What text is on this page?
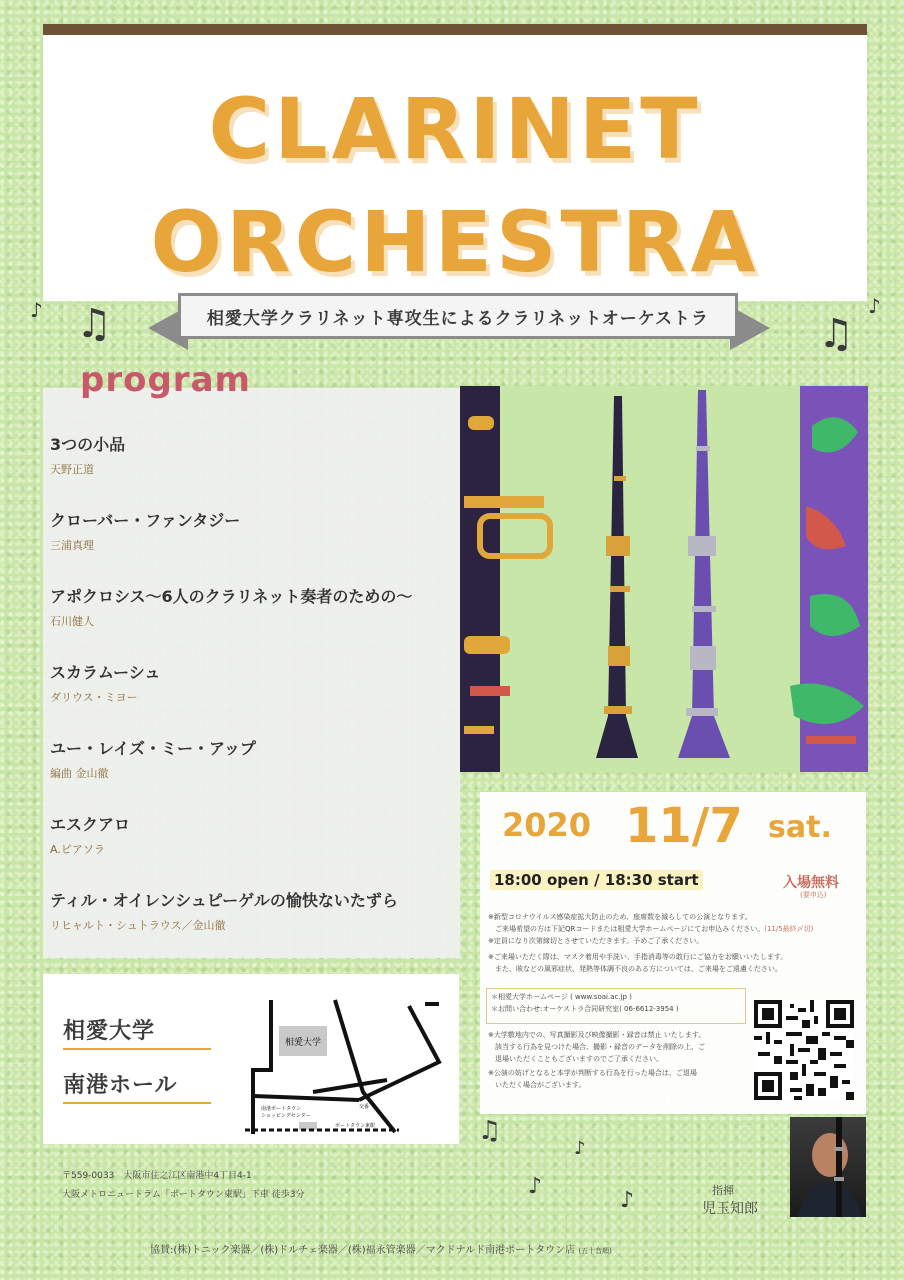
CLARINET
ORCHESTRA
相愛大学クラリネット専攻生によるクラリネットオーケストラ
♪ ♫	♫
♪
♫
♪
♪
♪
3つの小品
天野正道
クローバー・ファンタジー
三浦真理
アポクロシス〜6人のクラリネット奏者のための〜
石川健人
スカラムーシュ
ダリウス・ミヨー
ユー・レイズ・ミー・アップ
編曲 金山徹
エスクアロ
A.ピアソラ
ティル・オイレンシュピーゲルの愉快ないたずら
リヒャルト・シュトラウス／金山徹
program
2020 11/7 sat.
18:00 open / 18:30 start	入場無料
(要申込)
※新型コロナウイルス感染症拡大防止のため、座席数を減らしての公演となります。
　ご来場希望の方は下記QRコードまたは相愛大学ホームページにてお申込みください。(11/5最終〆切)
※定員になり次第締切とさせていただきます。予めご了承ください。
※ご来場いただく際は、マスク着用や手洗い、手指消毒等の敢行にご協力をお願いいたします。
　また、咳などの風邪症状、発熱等体調不良のある方については、ご来場をご遠慮ください。
＊相愛大学ホームページ ( www.soai.ac.jp )
＊お問い合わせ:オーケストラ合同研究室( 06-6612-3954 )
※大学敷地内での、写真撮影及び映像撮影・録音は禁止 いたします。
　該当する行為を見つけた場合、撮影・録音のデータを削除の上、ご
　退場いただくこともございますのでご了承ください。
※公演の妨げとなると本学が判断する行為を行った場合は、ご退場
　いただく場合がございます。
相愛大学
南港ホール
相愛大学
南港ポートタウンショッピングセンター
交番
ポートタウン東駅
〒559-0033　大阪市住之江区南港中4丁目4-1
大阪メトロニュートラム「ポートタウン東駅」下車 徒歩3分	指揮
児玉知郎
協賛:(株)トニック楽器／(株)ドルチェ楽器／(株)福永管楽器／マクドナルド南港ポートタウン店 (五十音順)
